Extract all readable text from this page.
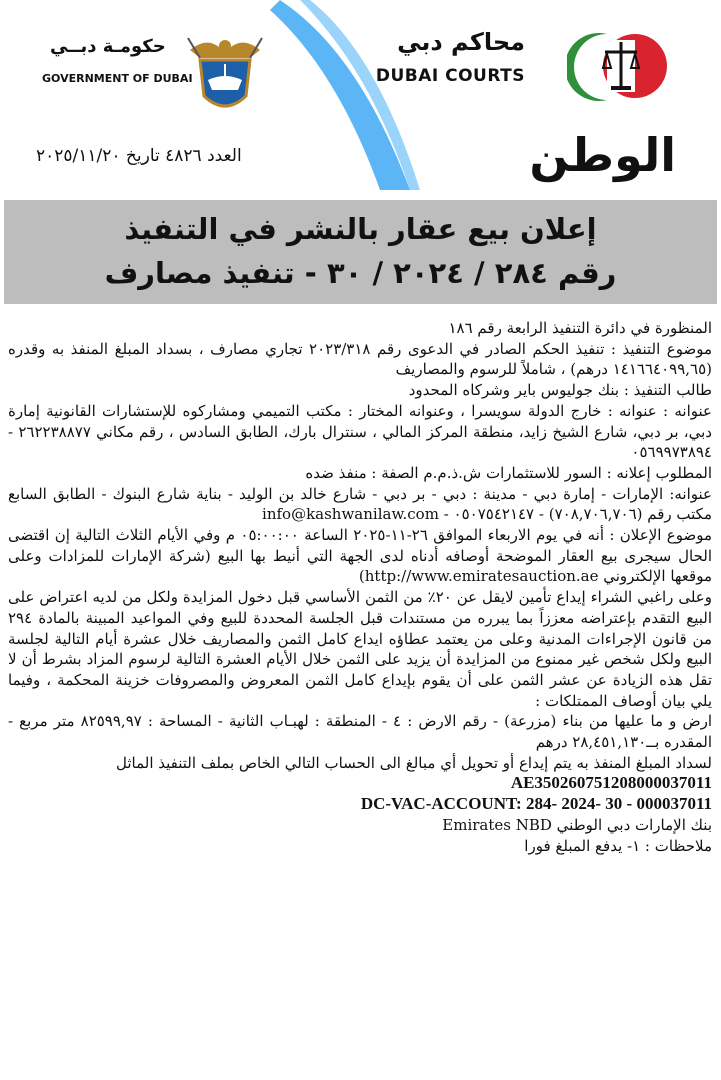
محاكم دبي
DUBAI COURTS
حكومـة دبــي
GOVERNMENT OF DUBAI
الوطن
العدد ٤٨٢٦ تاريخ ٢٠٢٥/١١/٢٠
إعلان بيع عقار بالنشر في التنفيذ
رقم ٢٨٤ / ٢٠٢٤ / ٣٠ - تنفيذ مصارف

المنظورة في دائرة التنفيذ الرابعة رقم ١٨٦

موضوع التنفيذ : تنفيذ الحكم الصادر في الدعوى رقم ٢٠٢٣/٣١٨ تجاري مصارف ، بسداد المبلغ المنفذ به وقدره (١٤١٦٦٤٠٩٩,٦٥ درهم) ، شاملاً للرسوم والمصاريف

طالب التنفيذ : بنك جوليوس باير وشركاه المحدود

عنوانه : عنوانه : خارج الدولة سويسرا ، وعنوانه المختار : مكتب التميمي ومشاركوه للإستشارات القانونية إمارة دبي، بر دبي، شارع الشيخ زايد، منطقة المركز المالي ، سنترال بارك، الطابق السادس ، رقم مكاني ٢٦٢٢٣٨٨٧٧ - ٠٥٦٩٩٧٣٨٩٤

المطلوب إعلانه : السور للاستثمارات ش.ذ.م.م الصفة : منفذ ضده

عنوانه: الإمارات - إمارة دبي - مدينة : دبي - بر دبي - شارع خالد بن الوليد - بناية شارع البنوك - الطابق السابع مكتب رقم (٧٠٨,٧٠٦,٧٠٦) - ٠٥٠٧٥٤٢١٤٧ - info@kashwanilaw.com

موضوع الإعلان : أنه في يوم الاربعاء الموافق ٢٦-١١-٢٠٢٥ الساعة ٠٥:٠٠:٠٠ م وفي الأيام الثلاث التالية إن اقتضى الحال سيجرى بيع العقار الموضحة أوصافه أدناه لدى الجهة التي أنيط بها البيع (شركة الإمارات للمزادات وعلى موقعها الإلكتروني http://www.emiratesauction.ae)

وعلى راغبي الشراء إيداع تأمين لايقل عن ٢٠٪ من الثمن الأساسي قبل دخول المزايدة ولكل من لديه اعتراض على البيع التقدم بإعتراضه معززاً بما يبرره من مستندات قبل الجلسة المحددة للبيع وفي المواعيد المبينة بالمادة ٢٩٤ من قانون الإجراءات المدنية وعلى من يعتمد عطاؤه ايداع كامل الثمن والمصاريف خلال عشرة أيام التالية لجلسة البيع ولكل شخص غير ممنوع من المزايدة أن يزيد على الثمن خلال الأيام العشرة التالية لرسوم المزاد بشرط أن لا تقل هذه الزيادة عن عشر الثمن على أن يقوم بإيداع كامل الثمن المعروض والمصروفات خزينة المحكمة ، وفيما يلي بيان أوصاف الممتلكات :

ارض و ما عليها من بناء (مزرعة) - رقم الارض : ٤ - المنطقة : لهبـاب الثانية - المساحة : ٨٢٥٩٩,٩٧ متر مربع - المقدره بــ٢٨,٤٥١,١٣٠ درهم

لسداد المبلغ المنفذ به يتم إيداع أو تحويل أي مبالغ الى الحساب التالي الخاص بملف التنفيذ الماثل

AE350260751208000037011

DC-VAC-ACCOUNT: 284- 2024- 30 - 000037011

بنك الإمارات دبي الوطني Emirates NBD

ملاحظات : ١- يدفع المبلغ فورا
